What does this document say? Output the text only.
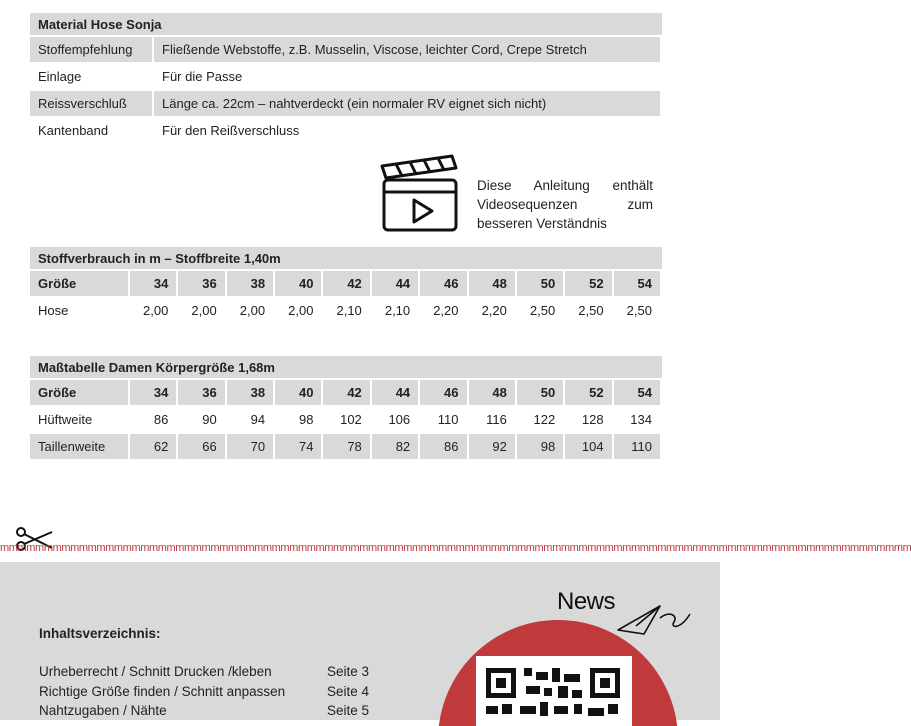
Material Hose Sonja
Stoffempfehlung	Fließende Webstoffe, z.B. Musselin, Viscose, leichter Cord, Crepe Stretch
Einlage	Für die Passe
Reissverschluß	Länge ca. 22cm – nahtverdeckt (ein normaler RV eignet sich nicht)
Kantenband	Für den Reißverschluss
Diese Anleitung enthält Videosequenzen zum besseren Verständnis
Stoffverbrauch in m – Stoffbreite 1,40m
Größe	34	36	38	40	42	44	46	48	50	52	54
Hose	2,00	2,00	2,00	2,00	2,10	2,10	2,20	2,20	2,50	2,50	2,50
Maßtabelle Damen Körpergröße 1,68m
Größe	34	36	38	40	42	44	46	48	50	52	54
Hüftweite	86	90	94	98	102	106	110	116	122	128	134
Taillenweite	62	66	70	74	78	82	86	92	98	104	110
mmmmmmmmmmmmmmmmmmmmmmmmmmmmmmmmmmmmmmmmmmmmmmmmmmmmmmmmmmmmmmmmmmmmmmmmmmmmmmmmmmmmmmmmmmmmmmmmmmmmmmmm
Inhaltsverzeichnis:
Urheberrecht / Schnitt Drucken /kleben	Seite 3
Richtige Größe finden / Schnitt anpassen	Seite 4
Nahtzugaben / Nähte	Seite 5
News
